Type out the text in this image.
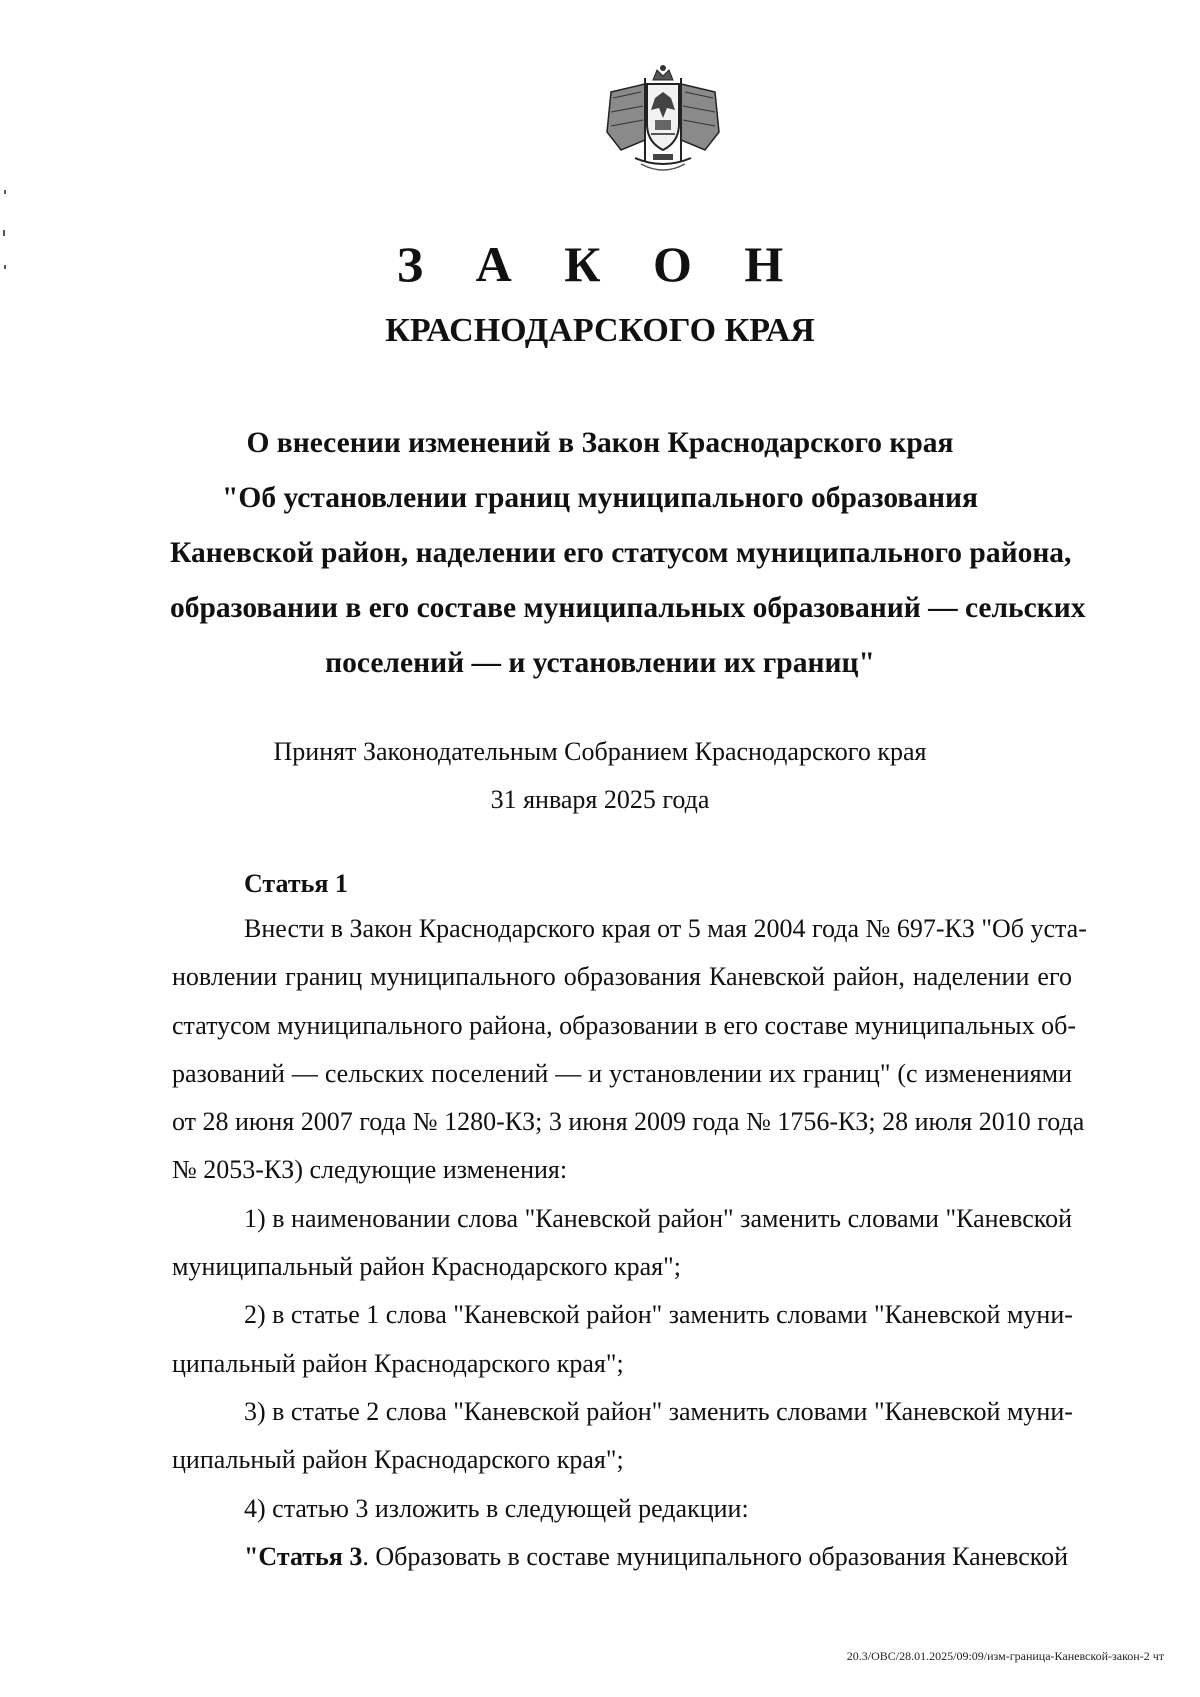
З А К О Н
КРАСНОДАРСКОГО КРАЯ
О внесении изменений в Закон Краснодарского края
"Об установлении границ муниципального образования
Каневской район, наделении его статусом муниципального района,
образовании в его составе муниципальных образований — сельских
поселений — и установлении их границ"
Принят Законодательным Собранием Краснодарского края
31 января 2025 года
Статья 1
Внести в Закон Краснодарского края от 5 мая 2004 года № 697-КЗ "Об уста-
новлении границ муниципального образования Каневской район, наделении его
статусом муниципального района, образовании в его составе муниципальных об-
разований — сельских поселений — и установлении их границ" (с изменениями
от 28 июня 2007 года № 1280-КЗ; 3 июня 2009 года № 1756-КЗ; 28 июля 2010 года
№ 2053-КЗ) следующие изменения:
1) в наименовании слова "Каневской район" заменить словами "Каневской
муниципальный район Краснодарского края";
2) в статье 1 слова "Каневской район" заменить словами "Каневской муни-
ципальный район Краснодарского края";
3) в статье 2 слова "Каневской район" заменить словами "Каневской муни-
ципальный район Краснодарского края";
4) статью 3 изложить в следующей редакции:
"Статья 3. Образовать в составе муниципального образования Каневской
20.3/ОВС/28.01.2025/09:09/изм-граница-Каневской-закон-2 чт
